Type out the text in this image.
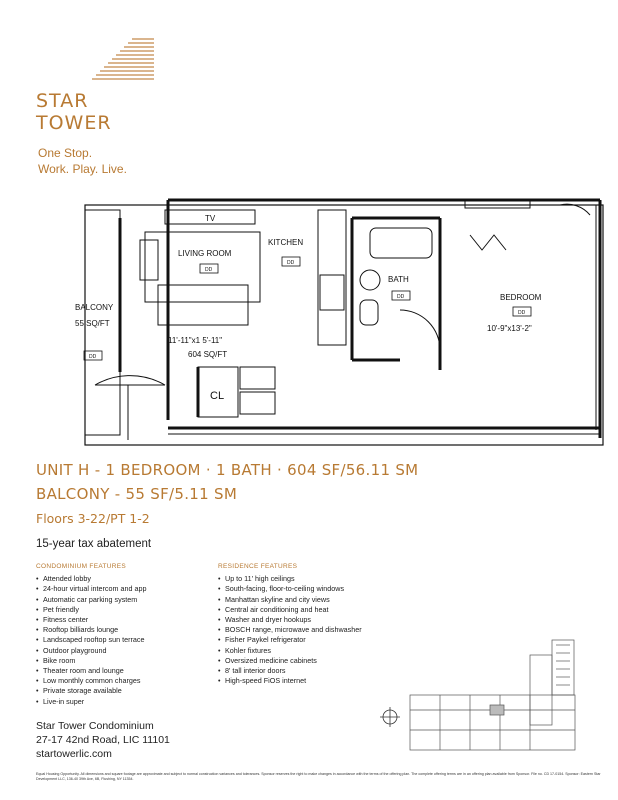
STAR
TOWER
One Stop.
Work. Play. Live.
TV
LIVING ROOM
11'-11"x1 5'-11"
604 SQ/FT
KITCHEN
BATH
BEDROOM
10'-9"x13'-2"
BALCONY
55 SQ/FT
CL
DD
DD
DD
DD
DD
UNIT H - 1 BEDROOM · 1 BATH · 604 SF/56.11 SM
BALCONY - 55 SF/5.11 SM
Floors 3-22/PT 1-2
15-year tax abatement
CONDOMINIUM FEATURES
• Attended lobby
• 24-hour virtual intercom and app
• Automatic car parking system
• Pet friendly
• Fitness center
• Rooftop billiards lounge
• Landscaped rooftop sun terrace
• Outdoor playground
• Bike room
• Theater room and lounge
• Low monthly common charges
• Private storage available
• Live-in super
RESIDENCE FEATURES
• Up to 11' high ceilings
• South-facing, floor-to-ceiling windows
• Manhattan skyline and city views
• Central air conditioning and heat
• Washer and dryer hookups
• BOSCH range, microwave and dishwasher
• Fisher Paykel refrigerator
• Kohler fixtures
• Oversized medicine cabinets
• 8' tall interior doors
• High-speed FiOS internet
Star Tower Condominium
27-17 42nd Road, LIC 11101
startowerlic.com
Equal Housing Opportunity. All dimensions and square footage are approximate and subject to normal construction variances and tolerances. Sponsor reserves the right to make changes in accordance with the terms of the offering plan. The complete offering terms are in an offering plan available from Sponsor. File no. CD 17-0154. Sponsor: Eastern Star Development LLC, 136-40 39th Ave, 6B, Flushing, NY 11354.
